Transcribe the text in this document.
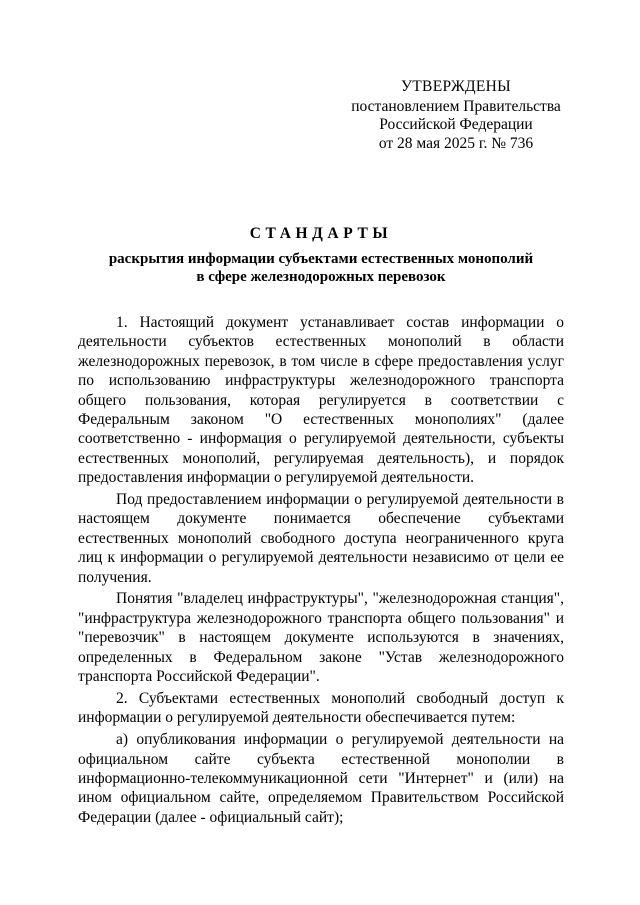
УТВЕРЖДЕНЫ
постановлением Правительства
Российской Федерации
от 28 мая 2025 г. № 736
СТАНДАРТЫ
раскрытия информации субъектами естественных монополий
в сфере железнодорожных перевозок

1. Настоящий документ устанавливает состав информации о деятельности субъектов естественных монополий в области железнодорожных перевозок, в том числе в сфере предоставления услуг по использованию инфраструктуры железнодорожного транспорта общего пользования, которая регулируется в соответствии с Федеральным законом "О естественных монополиях" (далее соответственно - информация о регулируемой деятельности, субъекты естественных монополий, регулируемая деятельность), и порядок предоставления информации о регулируемой деятельности.

Под предоставлением информации о регулируемой деятельности в настоящем документе понимается обеспечение субъектами естественных монополий свободного доступа неограниченного круга лиц к информации о регулируемой деятельности независимо от цели ее получения.

Понятия "владелец инфраструктуры", "железнодорожная станция", "инфраструктура железнодорожного транспорта общего пользования" и "перевозчик" в настоящем документе используются в значениях, определенных в Федеральном законе "Устав железнодорожного транспорта Российской Федерации".

2. Субъектами естественных монополий свободный доступ к информации о регулируемой деятельности обеспечивается путем:

а) опубликования информации о регулируемой деятельности на официальном сайте субъекта естественной монополии в информационно-телекоммуникационной сети "Интернет" и (или) на ином официальном сайте, определяемом Правительством Российской Федерации (далее - официальный сайт);
